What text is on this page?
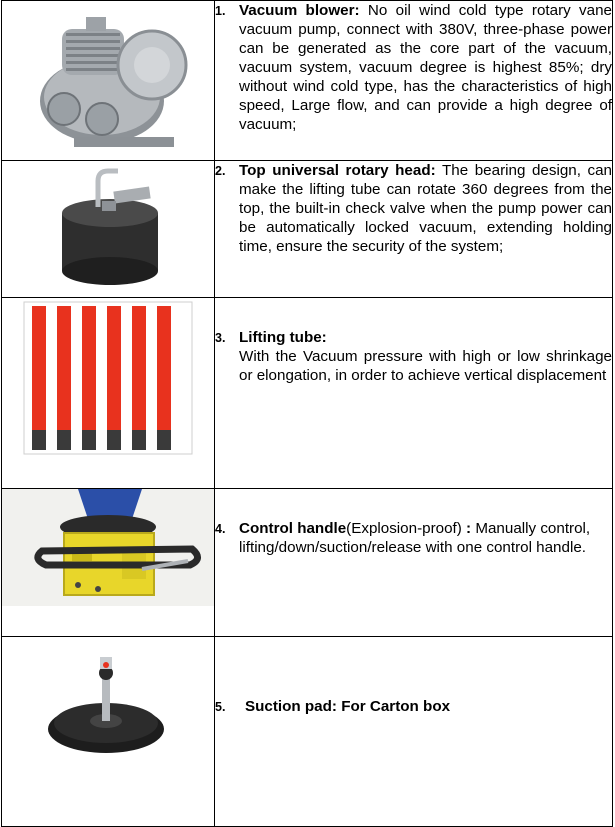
1. Vacuum blower: No oil wind cold type rotary vane vacuum pump, connect with 380V, three-phase power can be generated as the core part of the vacuum, vacuum system, vacuum degree is highest 85%; dry without wind cold type, has the characteristics of high speed, Large flow, and can provide a high degree of vacuum;

2. Top universal rotary head: The bearing design, can make the lifting tube can rotate 360 degrees from the top, the built-in check valve when the pump power can be automatically locked vacuum, extending holding time, ensure the security of the system;

3. Lifting tube:
With the Vacuum pressure with high or low shrinkage or elongation, in order to achieve vertical displacement

4. Control handle(Explosion-proof) : Manually control, lifting/down/suction/release with one control handle.

5. Suction pad: For Carton box
